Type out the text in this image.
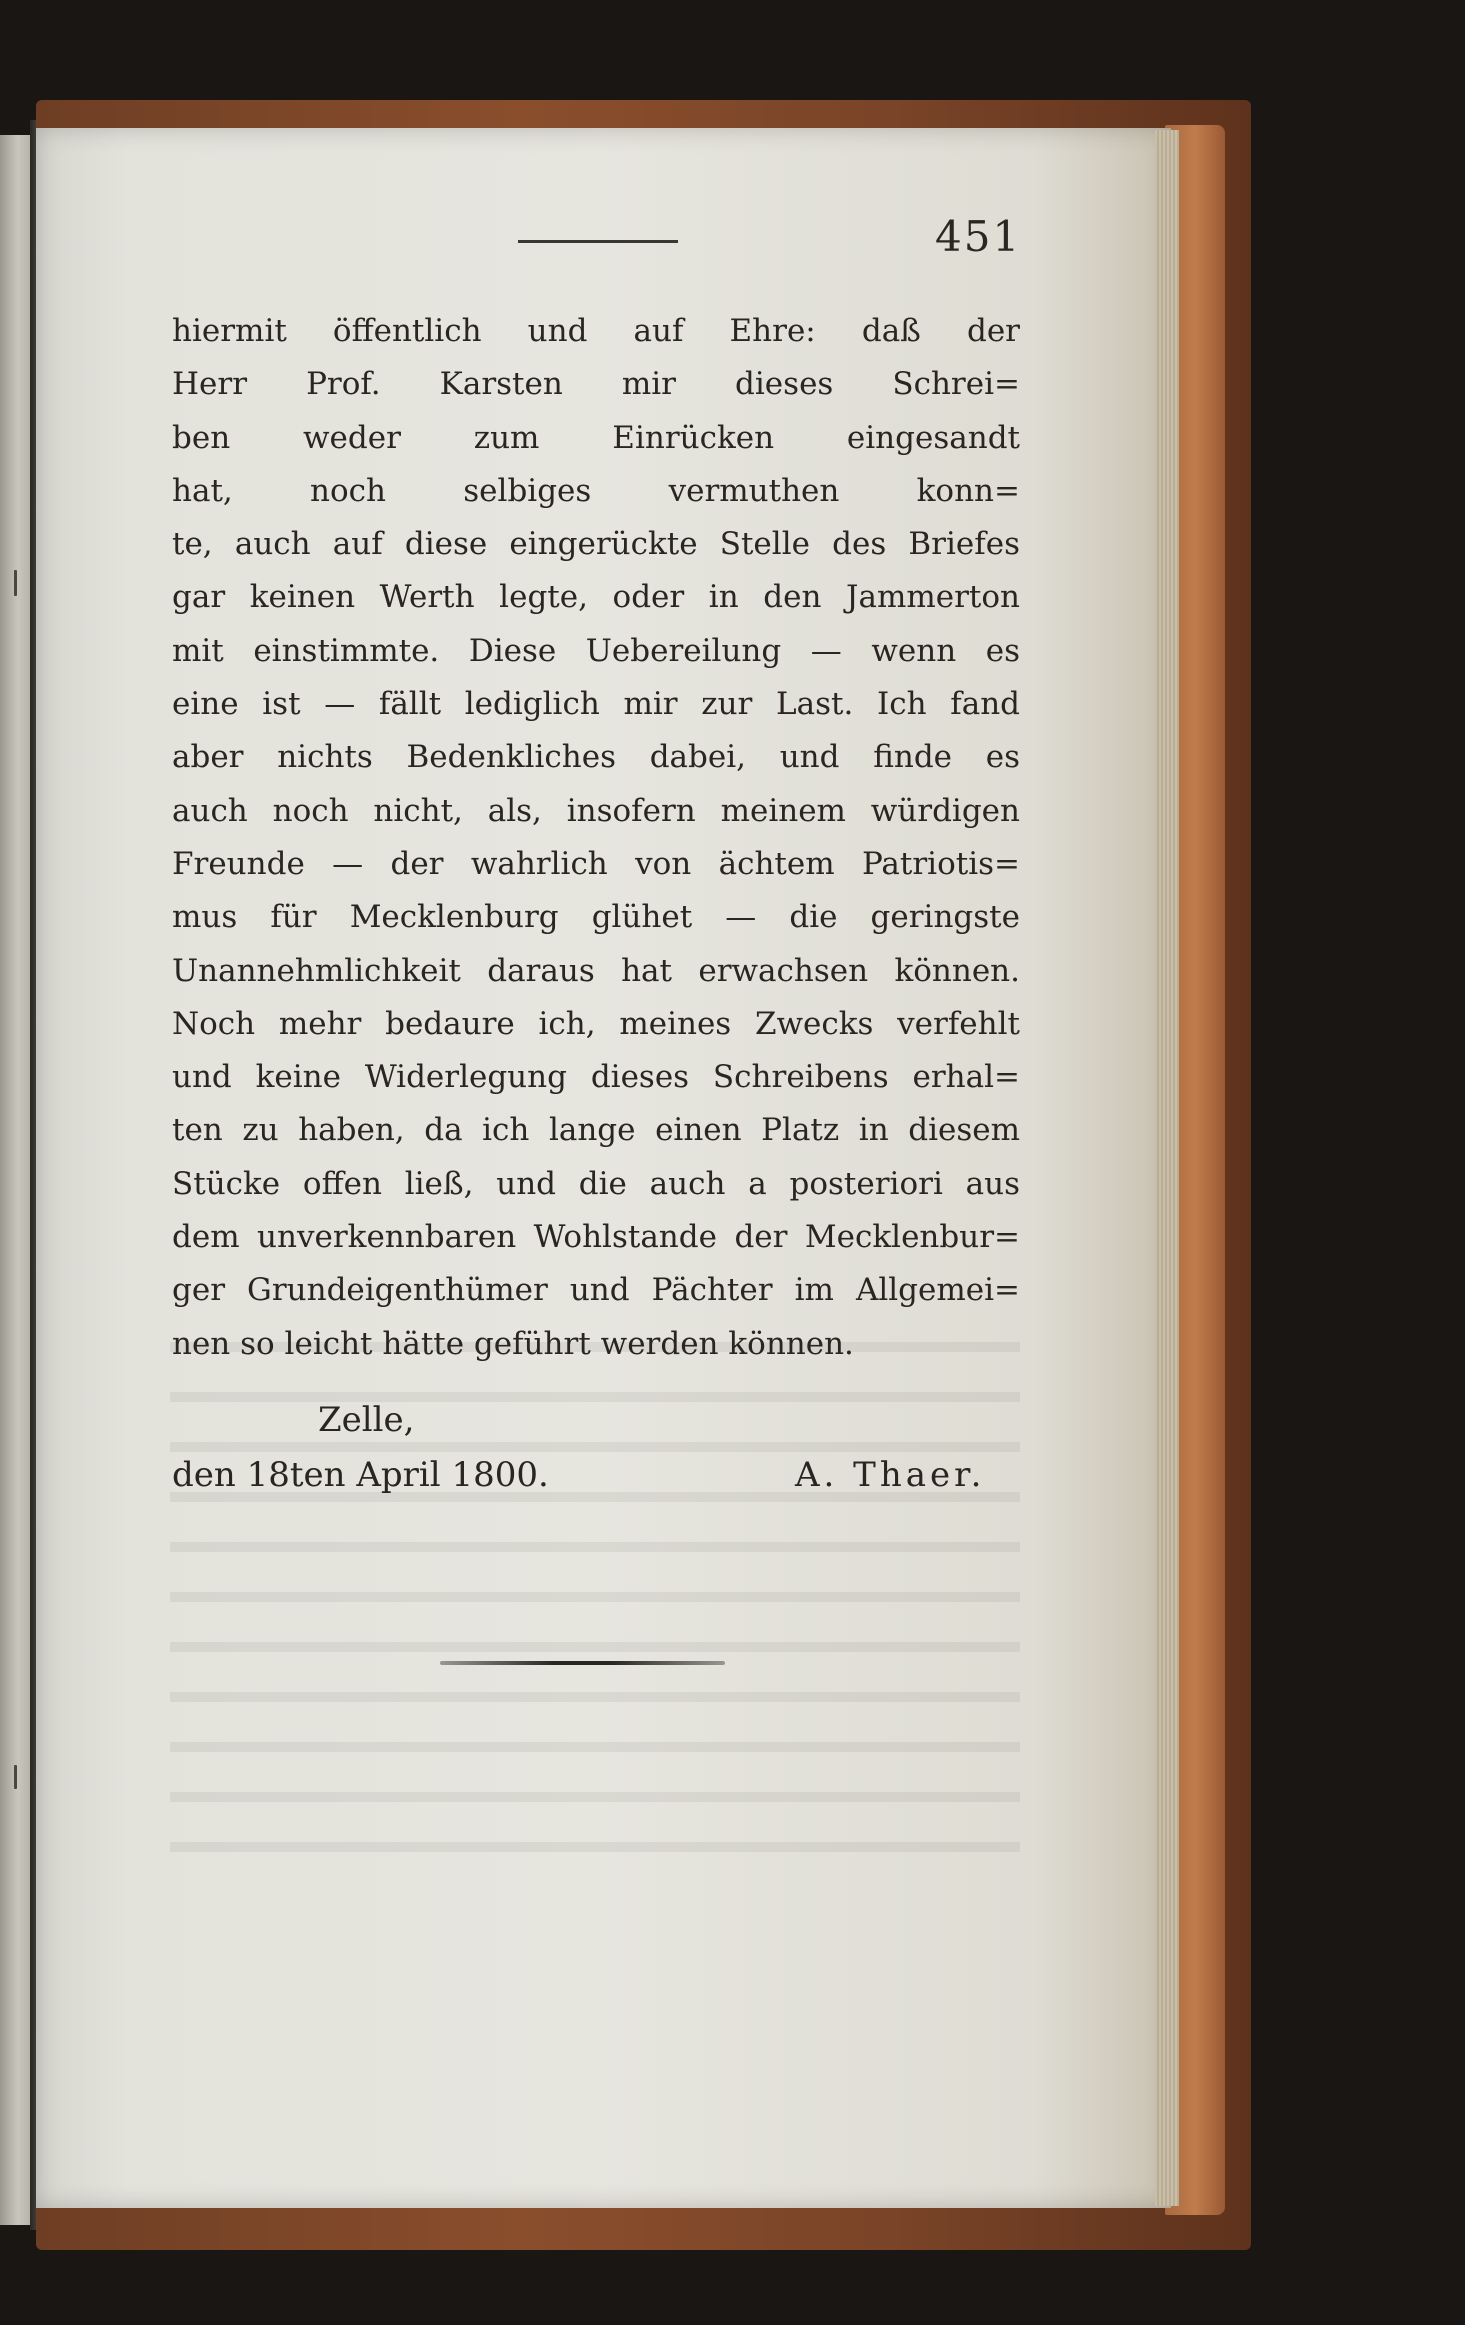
451
hiermit öffentlich und auf Ehre: daß der
Herr Prof. Karsten mir dieses Schrei=
ben weder zum Einrücken eingesandt
hat, noch selbiges vermuthen konn=
te, auch auf diese eingerückte Stelle des Briefes
gar keinen Werth legte, oder in den Jammerton
mit einstimmte. Diese Uebereilung — wenn es
eine ist — fällt lediglich mir zur Last. Ich fand
aber nichts Bedenkliches dabei, und finde es
auch noch nicht, als, insofern meinem würdigen
Freunde — der wahrlich von ächtem Patriotis=
mus für Mecklenburg glühet — die geringste
Unannehmlichkeit daraus hat erwachsen können.
Noch mehr bedaure ich, meines Zwecks verfehlt
und keine Widerlegung dieses Schreibens erhal=
ten zu haben, da ich lange einen Platz in diesem
Stücke offen ließ, und die auch a posteriori aus
dem unverkennbaren Wohlstande der Mecklenbur=
ger Grundeigenthümer und Pächter im Allgemei=
nen so leicht hätte geführt werden können.
Zelle,
den 18ten April 1800.	A. Thaer.
